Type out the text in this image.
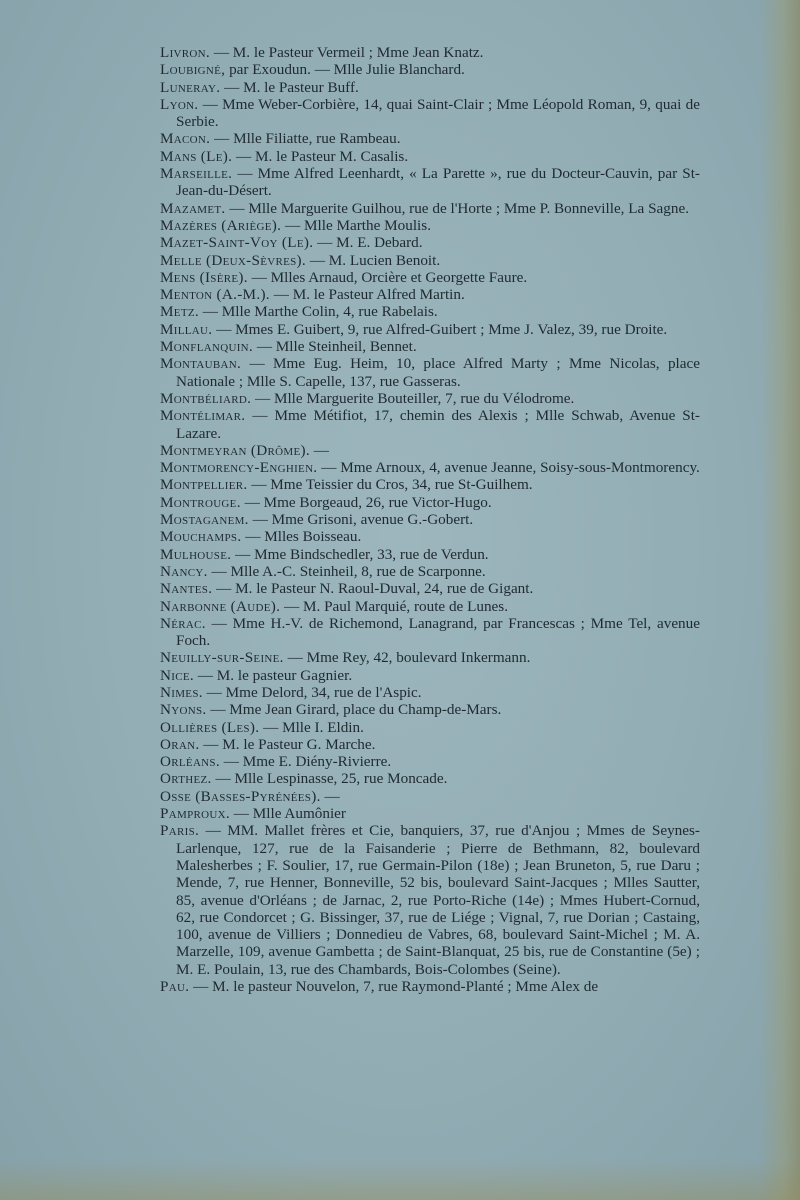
Livron. — M. le Pasteur Vermeil ; Mme Jean Knatz.

Loubigné, par Exoudun. — Mlle Julie Blanchard.

Luneray. — M. le Pasteur Buff.

Lyon. — Mme Weber-Corbière, 14, quai Saint-Clair ; Mme Léopold Roman, 9, quai de Serbie.

Macon. — Mlle Filiatte, rue Rambeau.

Mans (Le). — M. le Pasteur M. Casalis.

Marseille. — Mme Alfred Leenhardt, « La Parette », rue du Docteur-Cauvin, par St-Jean-du-Désert.

Mazamet. — Mlle Marguerite Guilhou, rue de l'Horte ; Mme P. Bonneville, La Sagne.

Mazères (Ariège). — Mlle Marthe Moulis.

Mazet-Saint-Voy (Le). — M. E. Debard.

Melle (Deux-Sèvres). — M. Lucien Benoit.

Mens (Isère). — Mlles Arnaud, Orcière et Georgette Faure.

Menton (A.-M.). — M. le Pasteur Alfred Martin.

Metz. — Mlle Marthe Colin, 4, rue Rabelais.

Millau. — Mmes E. Guibert, 9, rue Alfred-Guibert ; Mme J. Valez, 39, rue Droite.

Monflanquin. — Mlle Steinheil, Bennet.

Montauban. — Mme Eug. Heim, 10, place Alfred Marty ; Mme Nicolas, place Nationale ; Mlle S. Capelle, 137, rue Gasseras.

Montbéliard. — Mlle Marguerite Bouteiller, 7, rue du Vélodrome.

Montélimar. — Mme Métifiot, 17, chemin des Alexis ; Mlle Schwab, Avenue St-Lazare.

Montmeyran (Drôme). —

Montmorency-Enghien. — Mme Arnoux, 4, avenue Jeanne, Soisy-sous-Montmorency.

Montpellier. — Mme Teissier du Cros, 34, rue St-Guilhem.

Montrouge. — Mme Borgeaud, 26, rue Victor-Hugo.

Mostaganem. — Mme Grisoni, avenue G.-Gobert.

Mouchamps. — Mlles Boisseau.

Mulhouse. — Mme Bindschedler, 33, rue de Verdun.

Nancy. — Mlle A.-C. Steinheil, 8, rue de Scarponne.

Nantes. — M. le Pasteur N. Raoul-Duval, 24, rue de Gigant.

Narbonne (Aude). — M. Paul Marquié, route de Lunes.

Nérac. — Mme H.-V. de Richemond, Lanagrand, par Francescas ; Mme Tel, avenue Foch.

Neuilly-sur-Seine. — Mme Rey, 42, boulevard Inkermann.

Nice. — M. le pasteur Gagnier.

Nimes. — Mme Delord, 34, rue de l'Aspic.

Nyons. — Mme Jean Girard, place du Champ-de-Mars.

Ollières (Les). — Mlle I. Eldin.

Oran. — M. le Pasteur G. Marche.

Orléans. — Mme E. Diény-Rivierre.

Orthez. — Mlle Lespinasse, 25, rue Moncade.

Osse (Basses-Pyrénées). —

Pamproux. — Mlle Aumônier

Paris. — MM. Mallet frères et Cie, banquiers, 37, rue d'Anjou ; Mmes de Seynes-Larlenque, 127, rue de la Faisanderie ; Pierre de Bethmann, 82, boulevard Malesherbes ; F. Soulier, 17, rue Germain-Pilon (18e) ; Jean Bruneton, 5, rue Daru ; Mende, 7, rue Henner, Bonneville, 52 bis, boulevard Saint-Jacques ; Mlles Sautter, 85, avenue d'Orléans ; de Jarnac, 2, rue Porto-Riche (14e) ; Mmes Hubert-Cornud, 62, rue Condorcet ; G. Bissinger, 37, rue de Liége ; Vignal, 7, rue Dorian ; Castaing, 100, avenue de Villiers ; Donnedieu de Vabres, 68, boulevard Saint-Michel ; M. A. Marzelle, 109, avenue Gambetta ; de Saint-Blanquat, 25 bis, rue de Constantine (5e) ; M. E. Poulain, 13, rue des Chambards, Bois-Colombes (Seine).

Pau. — M. le pasteur Nouvelon, 7, rue Raymond-Planté ; Mme Alex de
